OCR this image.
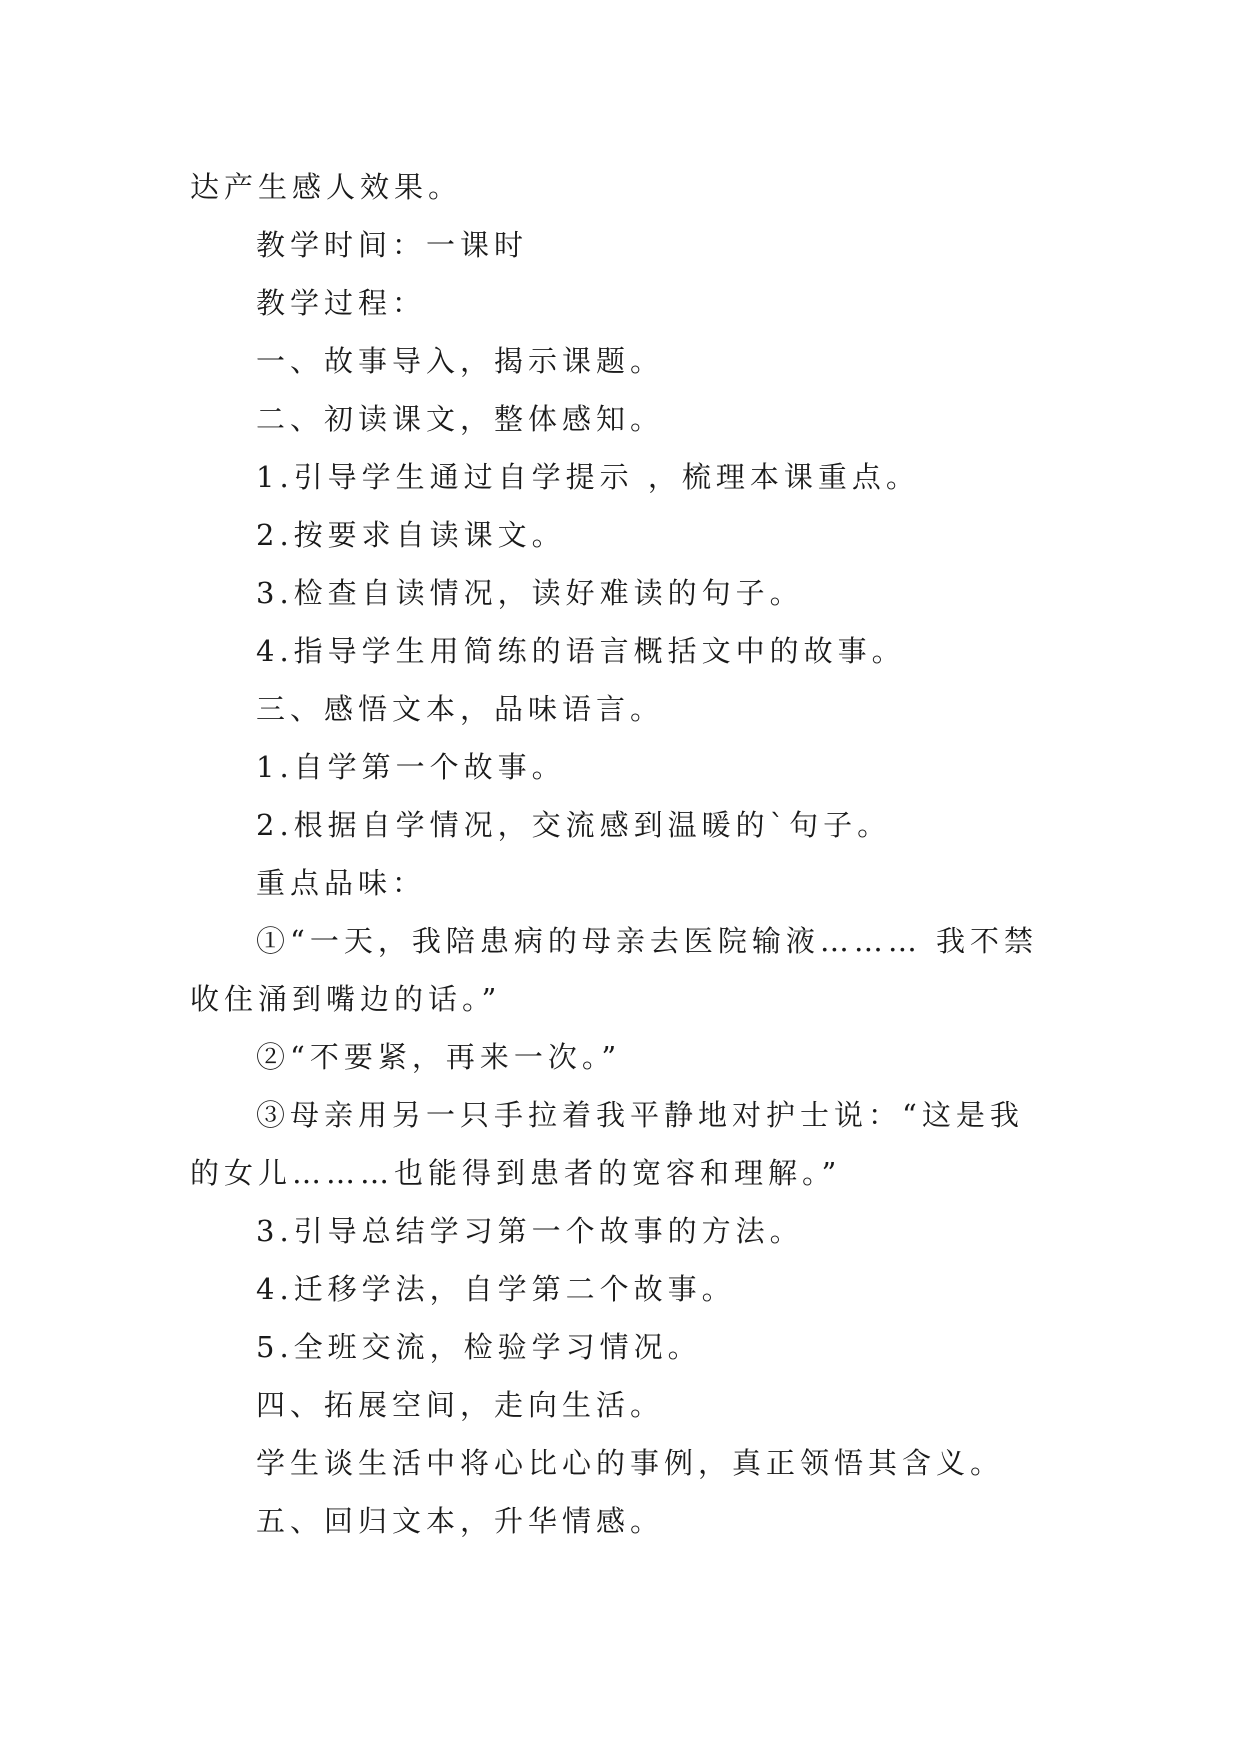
达产生感人效果。

教学时间：一课时

教学过程：

一、故事导入，揭示课题。

二、初读课文，整体感知。

1.引导学生通过自学提示 ，梳理本课重点。

2.按要求自读课文。

3.检查自读情况，读好难读的句子。

4.指导学生用简练的语言概括文中的故事。

三、感悟文本，品味语言。

1.自学第一个故事。

2.根据自学情况，交流感到温暖的`句子。

重点品味：

①“一天，我陪患病的母亲去医院输液……… 我不禁收住涌到嘴边的话。”

②“不要紧，再来一次。”

③母亲用另一只手拉着我平静地对护士说：“这是我的女儿………也能得到患者的宽容和理解。”

3.引导总结学习第一个故事的方法。

4.迁移学法，自学第二个故事。

5.全班交流，检验学习情况。

四、拓展空间，走向生活。

学生谈生活中将心比心的事例，真正领悟其含义。

五、回归文本，升华情感。
